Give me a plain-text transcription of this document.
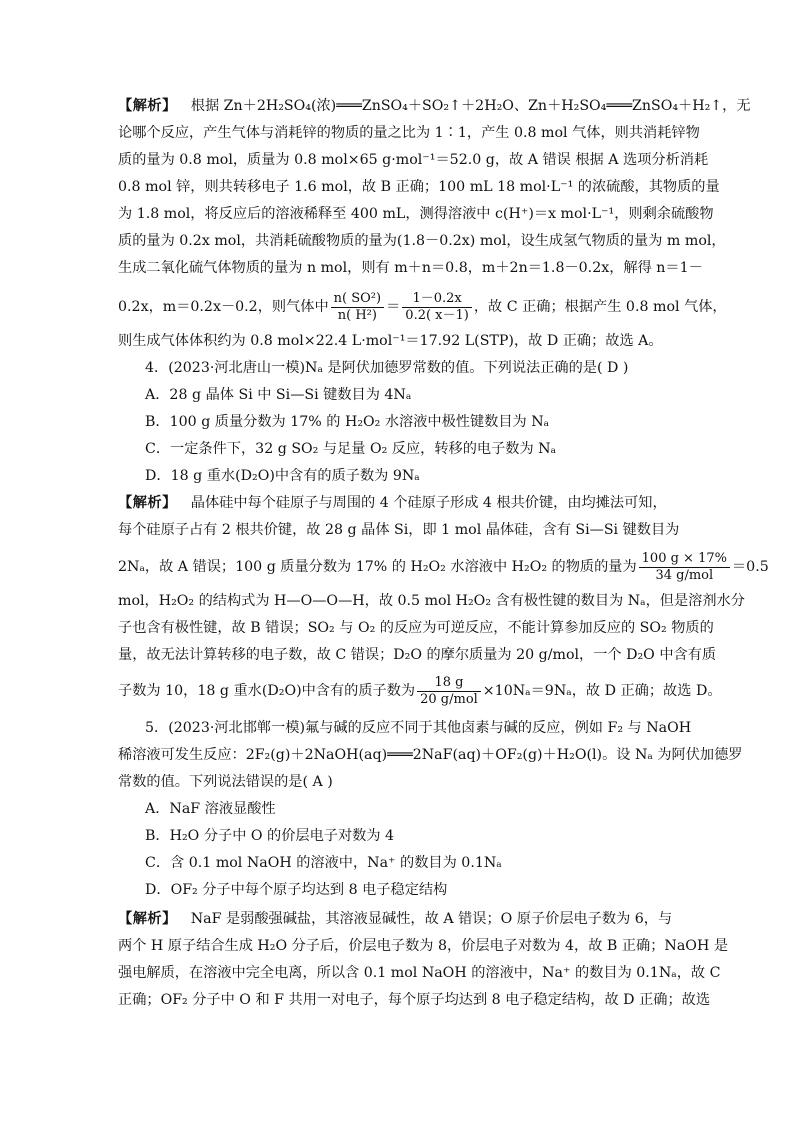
【解析】 根据 Zn＋2H₂SO₄(浓)═══ZnSO₄＋SO₂↑＋2H₂O、Zn＋H₂SO₄═══ZnSO₄＋H₂↑，无
论哪个反应，产生气体与消耗锌的物质的量之比为 1∶1，产生 0.8 mol 气体，则共消耗锌物
质的量为 0.8 mol，质量为 0.8 mol×65 g·mol⁻¹＝52.0 g，故 A 错误 根据 A 选项分析消耗
0.8 mol 锌，则共转移电子 1.6 mol，故 B 正确；100 mL 18 mol·L⁻¹ 的浓硫酸，其物质的量
为 1.8 mol，将反应后的溶液稀释至 400 mL，测得溶液中 c(H⁺)＝x mol·L⁻¹，则剩余硫酸物
质的量为 0.2x mol，共消耗硫酸物质的量为(1.8－0.2x) mol，设生成氢气物质的量为 m mol，
生成二氧化硫气体物质的量为 n mol，则有 m＋n＝0.8，m＋2n＝1.8－0.2x，解得 n＝1－
0.2x，m＝0.2x－0.2，则气体中 $\frac{\text{n( SO²)}}{\text{n( H²)}} = \frac{1-0.2x}{0.2( x-1)}$ ，故 C 正确；根据产生 0.8 mol 气体，
则生成气体体积约为 0.8 mol×22.4 L·mol⁻¹＝17.92 L(STP)，故 D 正确；故选 A。
4．(2023·河北唐山一模)Nₐ 是阿伏加德罗常数的值。下列说法正确的是( D )
A．28 g 晶体 Si 中 Si—Si 键数目为 4Nₐ
B．100 g 质量分数为 17% 的 H₂O₂ 水溶液中极性键数目为 Nₐ
C．一定条件下，32 g SO₂ 与足量 O₂ 反应，转移的电子数为 Nₐ
D．18 g 重水(D₂O)中含有的质子数为 9Nₐ
【解析】 晶体硅中每个硅原子与周围的 4 个硅原子形成 4 根共价键，由均摊法可知，
每个硅原子占有 2 根共价键，故 28 g 晶体 Si，即 1 mol 晶体硅，含有 Si—Si 键数目为
2Nₐ，故 A 错误；100 g 质量分数为 17% 的 H₂O₂ 水溶液中 H₂O₂ 的物质的量为 $\frac{100 g \times 17\%}{\text{34 g/mol}} =0.5$
mol，H₂O₂ 的结构式为 H—O—O—H，故 0.5 mol H₂O₂ 含有极性键的数目为 Nₐ，但是溶剂水分
子也含有极性键，故 B 错误；SO₂ 与 O₂ 的反应为可逆反应，不能计算参加反应的 SO₂ 物质的
量，故无法计算转移的电子数，故 C 错误；D₂O 的摩尔质量为 20 g/mol，一个 D₂O 中含有质
子数为 10，18 g 重水(D₂O)中含有的质子数为 $\frac{18 g}{\text{20 g/mol}} \times 10N_a=9N_a$，故 D 正确；故选 D。
5．(2023·河北邯郸一模)氟与碱的反应不同于其他卤素与碱的反应，例如 F₂ 与 NaOH
稀溶液可发生反应：2F₂(g)＋2NaOH(aq)═══2NaF(aq)＋OF₂(g)＋H₂O(l)。设 Nₐ 为阿伏加德罗
常数的值。下列说法错误的是( A )
A．NaF 溶液显酸性
B．H₂O 分子中 O 的价层电子对数为 4
C．含 0.1 mol NaOH 的溶液中，Na⁺ 的数目为 0.1Nₐ
D．OF₂ 分子中每个原子均达到 8 电子稳定结构
【解析】 NaF 是弱酸强碱盐，其溶液显碱性，故 A 错误；O 原子价层电子数为 6，与
两个 H 原子结合生成 H₂O 分子后，价层电子数为 8，价层电子对数为 4，故 B 正确；NaOH 是
强电解质，在溶液中完全电离，所以含 0.1 mol NaOH 的溶液中，Na⁺ 的数目为 0.1Nₐ，故 C
正确；OF₂ 分子中 O 和 F 共用一对电子，每个原子均达到 8 电子稳定结构，故 D 正确；故选
